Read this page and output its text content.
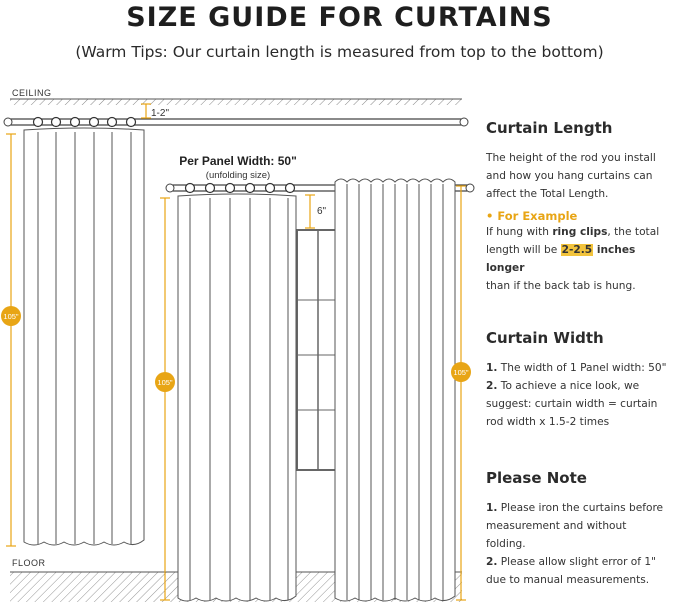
SIZE GUIDE FOR CURTAINS
(Warm Tips: Our curtain length is measured from top to the bottom)
CEILING
FLOOR
1-2"
105"
Per Panel Width: 50"
(unfolding size)
105"
6"
105"

Curtain Length

The height of the rod you install

and how you hang curtains can

affect the Total Length.

• For Example

If hung with ring clips, the total

length will be 2-2.5 inches longer

than if the back tab is hung.

Curtain Width

1. The width of 1 Panel width: 50"

2. To achieve a nice look, we

suggest: curtain width = curtain

rod width x 1.5-2 times

Please Note

1. Please iron the curtains before

measurement and without

folding.

2. Please allow slight error of 1"

due to manual measurements.
